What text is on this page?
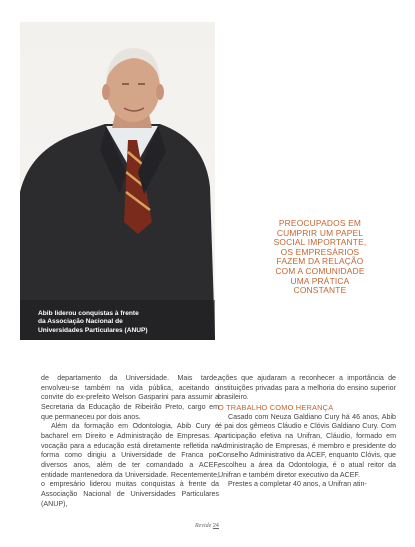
Abib liderou conquistas à frente
da Associação Nacional de
Universidades Particulares (ANUP)
PREOCUPADOS EM
CUMPRIR UM PAPEL
SOCIAL IMPORTANTE,
OS EMPRESÁRIOS
FAZEM DA RELAÇÃO
COM A COMUNIDADE
UMA PRÁTICA
CONSTANTE

de departamento da Universidade. Mais tarde, envolveu-se também na vida pública, aceitando o convite do ex-prefeito Welson Gasparini para assumir a Secretaria da Educação de Ribeirão Preto, cargo em que permaneceu por dois anos.

Além da formação em Odontologia, Abib Cury é bacharel em Direito e Administração de Empresas. A vocação para a educação está diretamente refletida na forma como dirigiu a Universidade de Franca por diversos anos, além de ter comandado a ACEF, entidade mantenedora da Universidade. Recentemente, o empresário liderou muitas conquistas à frente da Associação Nacional de Universidades Particulares (ANUP),

ações que ajudaram a reconhecer a importância de instituições privadas para a melhoria do ensino superior brasileiro.

O TRABALHO COMO HERANÇA

Casado com Neuza Galdiano Cury há 46 anos, Abib é pai dos gêmeos Cláudio e Clóvis Galdiano Cury. Com participação efetiva na Unifran, Cláudio, formado em Administração de Empresas, é membro e presidente do Conselho Administrativo da ACEF, enquanto Clóvis, que escolheu a área da Odontologia, é o atual reitor da Unifran e também diretor executivo da ACEF.

Prestes a completar 40 anos, a Unifran atin-

Revide 24
